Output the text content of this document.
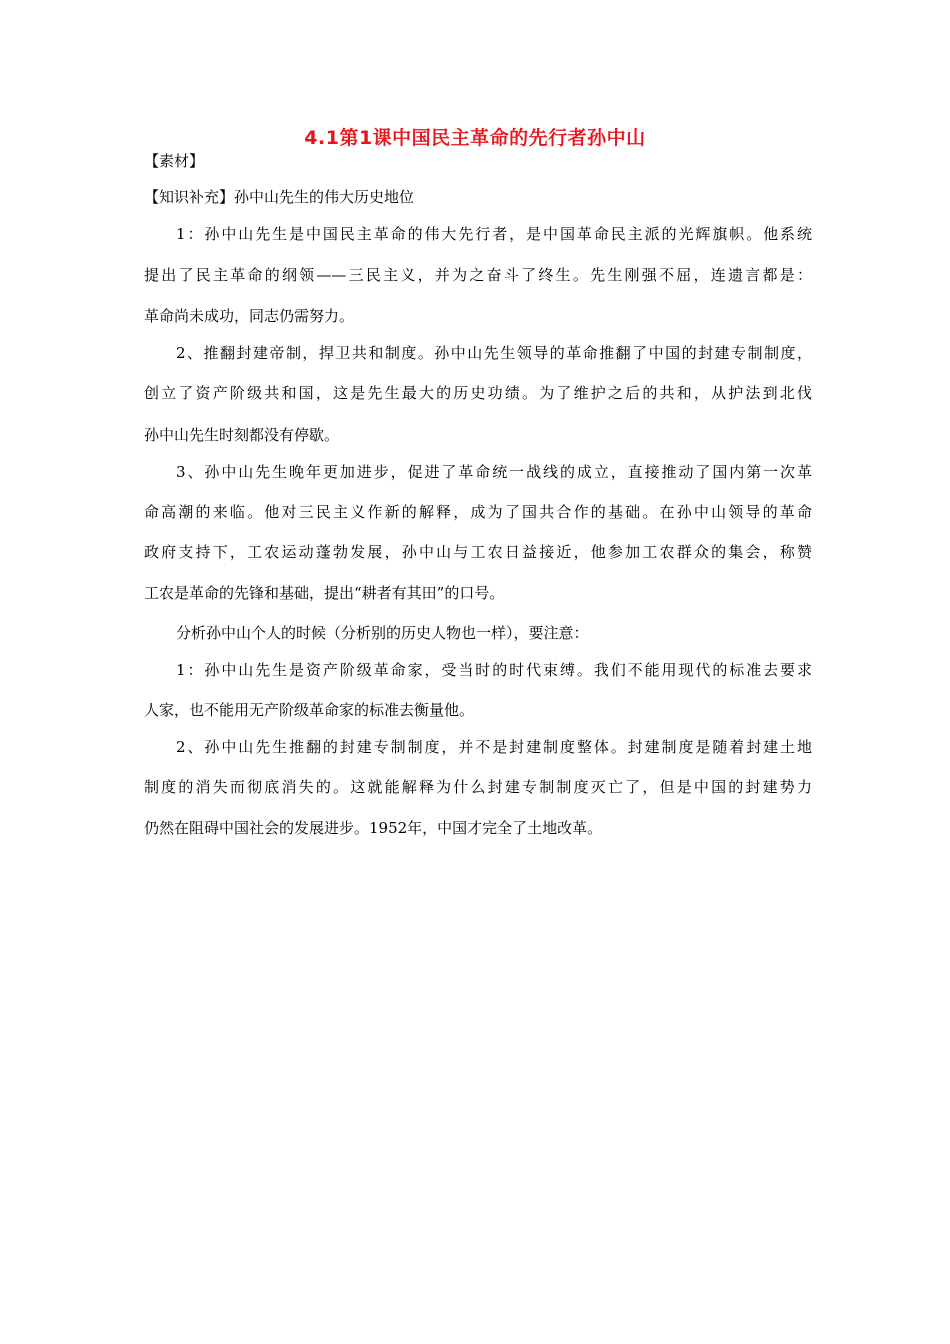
4.1第1课中国民主革命的先行者孙中山
【素材】
【知识补充】孙中山先生的伟大历史地位
1：孙中山先生是中国民主革命的伟大先行者，是中国革命民主派的光辉旗帜。他系统
提出了民主革命的纲领——三民主义，并为之奋斗了终生。先生刚强不屈，连遗言都是：
革命尚未成功，同志仍需努力。
2、推翻封建帝制，捍卫共和制度。孙中山先生领导的革命推翻了中国的封建专制制度，
创立了资产阶级共和国，这是先生最大的历史功绩。为了维护之后的共和，从护法到北伐
孙中山先生时刻都没有停歇。
3、孙中山先生晚年更加进步，促进了革命统一战线的成立，直接推动了国内第一次革
命高潮的来临。他对三民主义作新的解释，成为了国共合作的基础。在孙中山领导的革命
政府支持下，工农运动蓬勃发展，孙中山与工农日益接近，他参加工农群众的集会，称赞
工农是革命的先锋和基础，提出“耕者有其田”的口号。
分析孙中山个人的时候（分析别的历史人物也一样），要注意：
1：孙中山先生是资产阶级革命家，受当时的时代束缚。我们不能用现代的标准去要求
人家，也不能用无产阶级革命家的标准去衡量他。
2、孙中山先生推翻的封建专制制度，并不是封建制度整体。封建制度是随着封建土地
制度的消失而彻底消失的。这就能解释为什么封建专制制度灭亡了，但是中国的封建势力
仍然在阻碍中国社会的发展进步。1952年，中国才完全了土地改革。
